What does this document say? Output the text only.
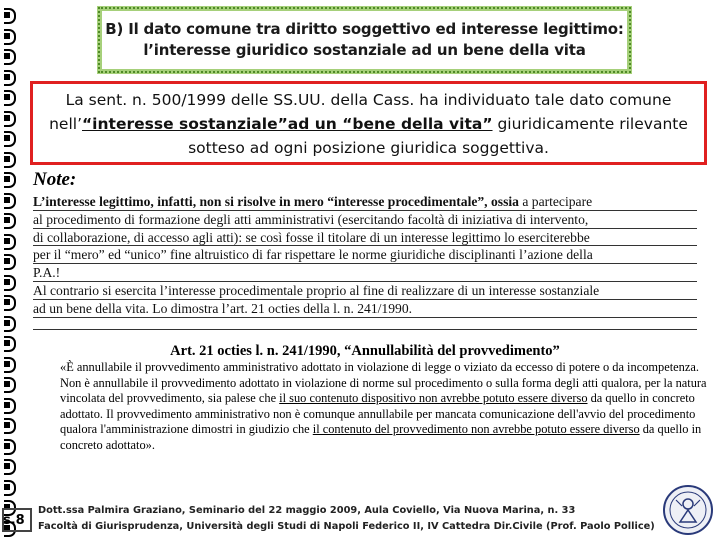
B) Il dato comune tra diritto soggettivo ed interesse legittimo:
l’interesse giuridico sostanziale ad un bene della vita
La sent. n. 500/1999 delle SS.UU. della Cass. ha individuato tale dato comune nell’“interesse sostanziale”ad un “bene della vita” giuridicamente rilevante sotteso ad ogni posizione giuridica soggettiva.
Note:
L’interesse legittimo, infatti, non si risolve in mero “interesse procedimentale”, ossia a partecipare
al procedimento di formazione degli atti amministrativi (esercitando facoltà di iniziativa di intervento,
di collaborazione, di accesso agli atti): se così fosse il titolare di un interesse legittimo lo eserciterebbe
per il “mero” ed “unico” fine altruistico di far rispettare le norme giuridiche disciplinanti l’azione della
P.A.!
Al contrario si esercita l’interesse procedimentale proprio al fine di realizzare di un interesse sostanziale
ad un bene della vita. Lo dimostra l’art. 21 octies della l. n. 241/1990.
Art. 21 octies l. n. 241/1990, “Annullabilità del provvedimento”

«È annullabile il provvedimento amministrativo adottato in violazione di legge o viziato da eccesso di potere o da incompetenza.

Non è annullabile il provvedimento adottato in violazione di norme sul procedimento o sulla forma degli atti qualora, per la natura vincolata del provvedimento, sia palese che il suo contenuto dispositivo non avrebbe potuto essere diverso da quello in concreto adottato. Il provvedimento amministrativo non è comunque annullabile per mancata comunicazione dell'avvio del procedimento qualora l'amministrazione dimostri in giudizio che il contenuto del provvedimento non avrebbe potuto essere diverso da quello in concreto adottato».

s.8
Dott.ssa Palmira Graziano, Seminario del 22 maggio 2009, Aula Coviello, Via Nuova Marina, n. 33
Facoltà di Giurisprudenza, Università degli Studi di Napoli Federico II, IV Cattedra Dir.Civile (Prof. Paolo Pollice)
